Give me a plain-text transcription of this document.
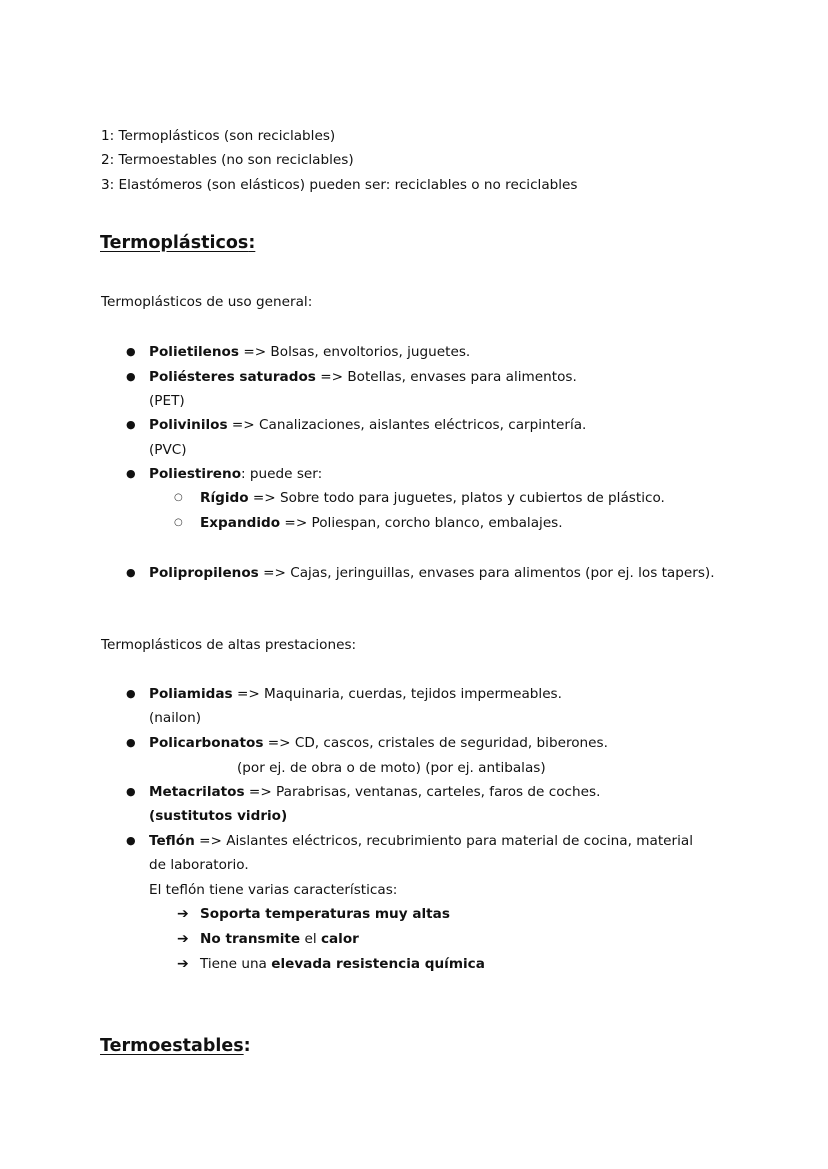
1: Termoplásticos (son reciclables)
2: Termoestables (no son reciclables)
3: Elastómeros (son elásticos) pueden ser: reciclables o no reciclables
Termoplásticos:
Termoplásticos de uso general:
● Polietilenos => Bolsas, envoltorios, juguetes.
● Poliésteres saturados => Botellas, envases para alimentos.
(PET)
● Polivinilos => Canalizaciones, aislantes eléctricos, carpintería.
(PVC)
● Poliestireno: puede ser:
○ Rígido => Sobre todo para juguetes, platos y cubiertos de plástico.
○ Expandido => Poliespan, corcho blanco, embalajes.
● Polipropilenos => Cajas, jeringuillas, envases para alimentos (por ej. los tapers).
Termoplásticos de altas prestaciones:
● Poliamidas => Maquinaria, cuerdas, tejidos impermeables.
(nailon)
● Policarbonatos => CD, cascos, cristales de seguridad, biberones.
(por ej. de obra o de moto) (por ej. antibalas)
● Metacrilatos => Parabrisas, ventanas, carteles, faros de coches.
(sustitutos vidrio)
● Teflón => Aislantes eléctricos, recubrimiento para material de cocina, material
de laboratorio.
El teflón tiene varias características:
➔ Soporta temperaturas muy altas
➔ No transmite el calor
➔ Tiene una elevada resistencia química
Termoestables:
